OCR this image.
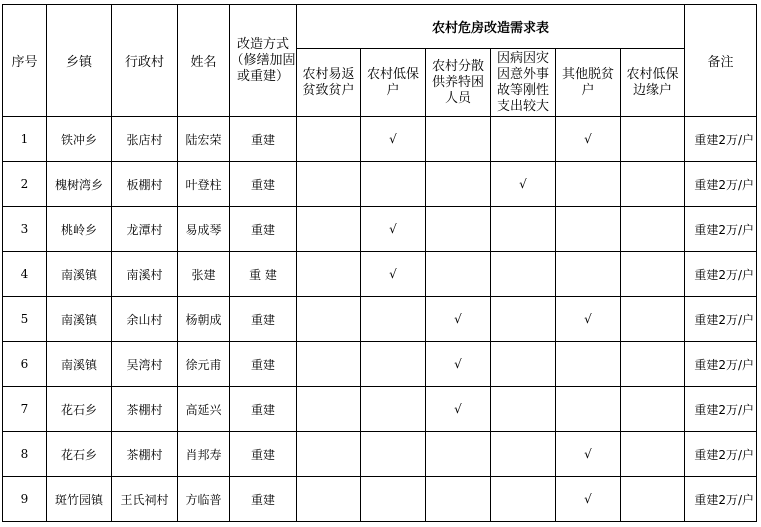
序号	乡镇	行政村	姓名	改造方式（修缮加固或重建）	农村危房改造需求表						备注
					农村易返贫致贫户	农村低保户	农村分散供养特困人员	因病因灾因意外事故等刚性支出较大	其他脱贫户	农村低保边缘户	
1	铁冲乡	张店村	陆宏荣	重建		√			√		重建2万/户
2	槐树湾乡	板棚村	叶登柱	重建				√			重建2万/户
3	桃岭乡	龙潭村	易成琴	重建		√					重建2万/户
4	南溪镇	南溪村	张建	重 建		√					重建2万/户
5	南溪镇	余山村	杨朝成	重建			√		√		重建2万/户
6	南溪镇	吴湾村	徐元甫	重建			√				重建2万/户
7	花石乡	茶棚村	高延兴	重建			√				重建2万/户
8	花石乡	茶棚村	肖邦寿	重建					√		重建2万/户
9	斑竹园镇	王氏祠村	方临普	重建					√		重建2万/户
